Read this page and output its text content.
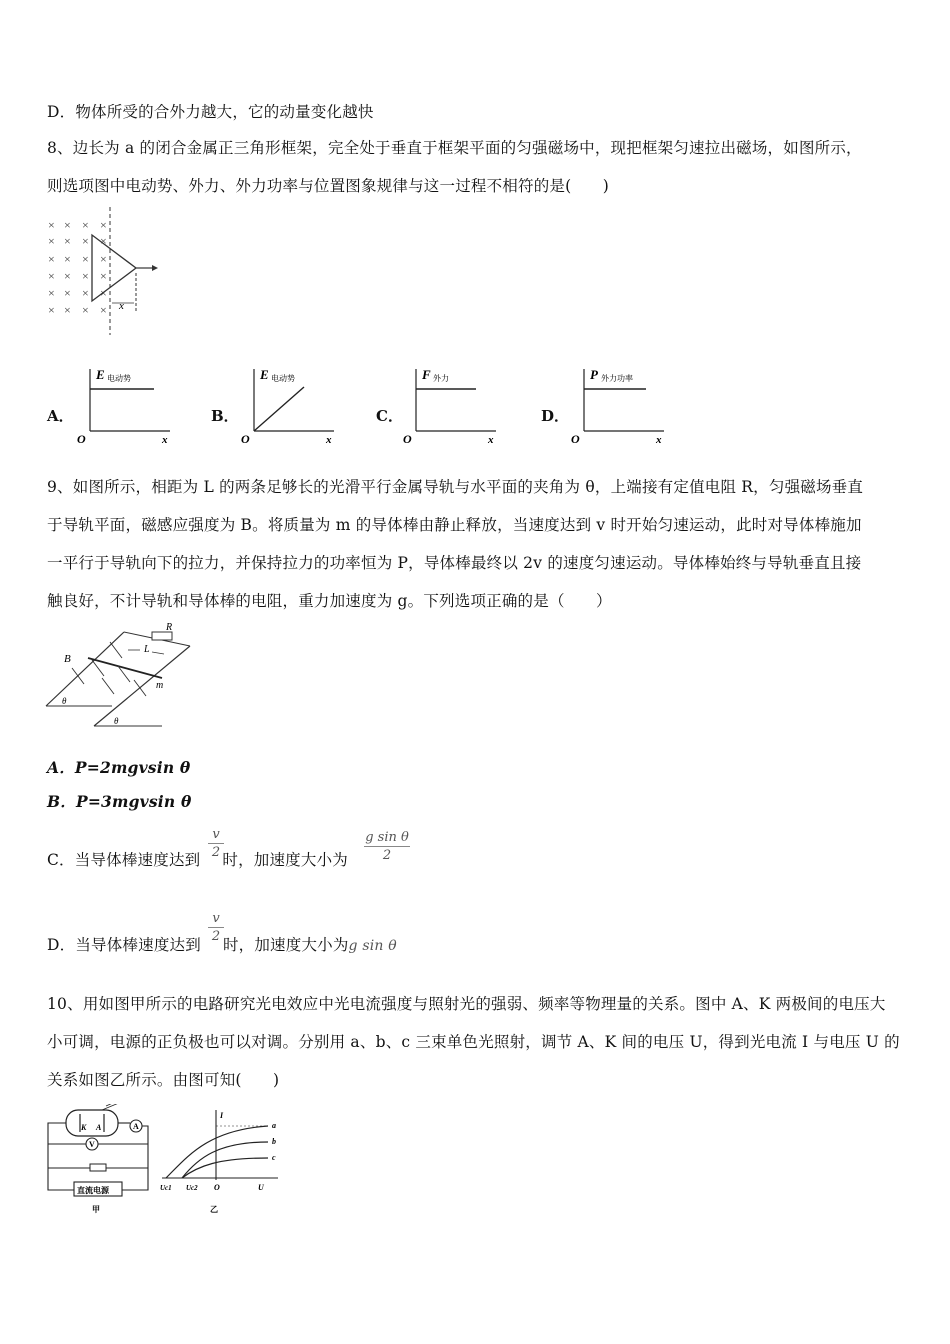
D．物体所受的合外力越大，它的动量变化越快
8、边长为 a 的闭合金属正三角形框架，完全处于垂直于框架平面的匀强磁场中，现把框架匀速拉出磁场，如图所示，
则选项图中电动势、外力、外力功率与位置图象规律与这一过程不相符的是(　　)
× × × ×
× × × ×
× × × ×
× × × ×
× × × ×
× × × × x
A．
E 电动势
O	x
B．
E 电动势
O	x
C．
F 外力
O	x
D．
P 外力功率
O	x
9、如图所示，相距为 L 的两条足够长的光滑平行金属导轨与水平面的夹角为 θ，上端接有定值电阻 R，匀强磁场垂直
于导轨平面，磁感应强度为 B。将质量为 m 的导体棒由静止释放，当速度达到 v 时开始匀速运动，此时对导体棒施加
一平行于导轨向下的拉力，并保持拉力的功率恒为 P，导体棒最终以 2v 的速度匀速运动。导体棒始终与导轨垂直且接
触良好，不计导轨和导体棒的电阻，重力加速度为 g。下列选项正确的是（　　）
R
L
m
B
θ
θ
A．P=2mgvsin θ
B．P=3mgvsin θ
C．当导体棒速度达到 时，加速度大小为
v
2
g sin θ
2
D．当导体棒速度达到 时，加速度大小为g sin θ
v
2
10、用如图甲所示的电路研究光电效应中光电流强度与照射光的强弱、频率等物理量的关系。图中 A、K 两极间的电压大
小可调，电源的正负极也可以对调。分别用 a、b、c 三束单色光照射，调节 A、K 间的电压 U，得到光电流 I 与电压 U 的
关系如图乙所示。由图可知(　　)
K A	A
V
直流电源
甲
I
a
b
c
Uc1 Uc2 O	U
乙
